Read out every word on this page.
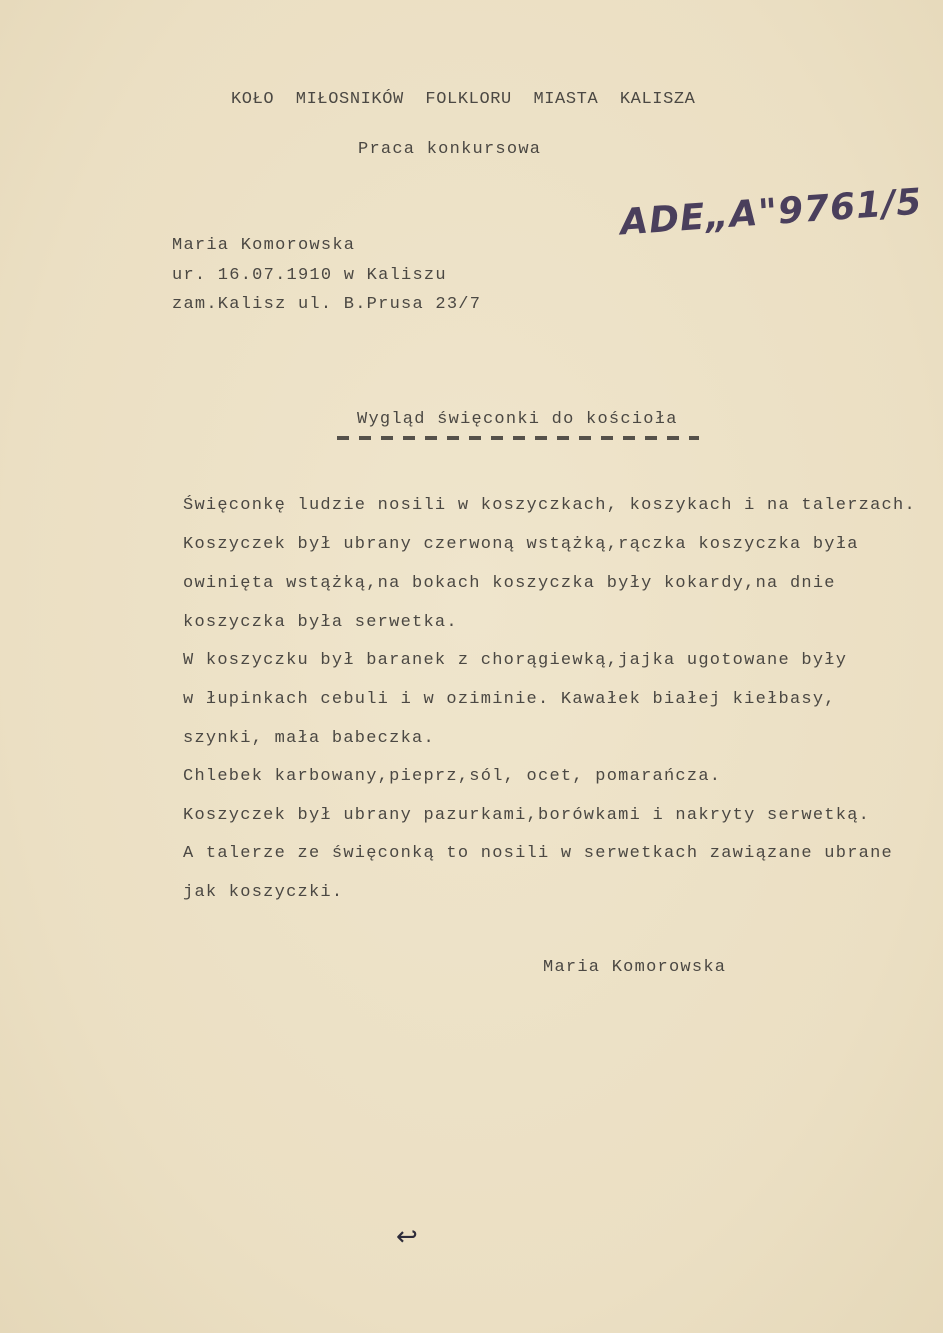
KOŁO  MIŁOSNIKÓW  FOLKLORU  MIASTA  KALISZA
Praca konkursowa
ADE„A"9761/5
Maria Komorowska
ur. 16.07.1910 w Kaliszu
zam.Kalisz ul. B.Prusa 23/7
Wygląd święconki do kościoła
Święconkę ludzie nosili w koszyczkach, koszykach i na talerzach.
Koszyczek był ubrany czerwoną wstążką,rączka koszyczka była
owinięta wstążką,na bokach koszyczka były kokardy,na dnie
koszyczka była serwetka.
W koszyczku był baranek z chorągiewką,jajka ugotowane były
w łupinkach cebuli i w oziminie. Kawałek białej kiełbasy,
szynki, mała babeczka.
Chlebek karbowany,pieprz,sól, ocet, pomarańcza.
Koszyczek był ubrany pazurkami,borówkami i nakryty serwetką.
A talerze ze święconką to nosili w serwetkach zawiązane ubrane
jak koszyczki.
Maria Komorowska
↩
